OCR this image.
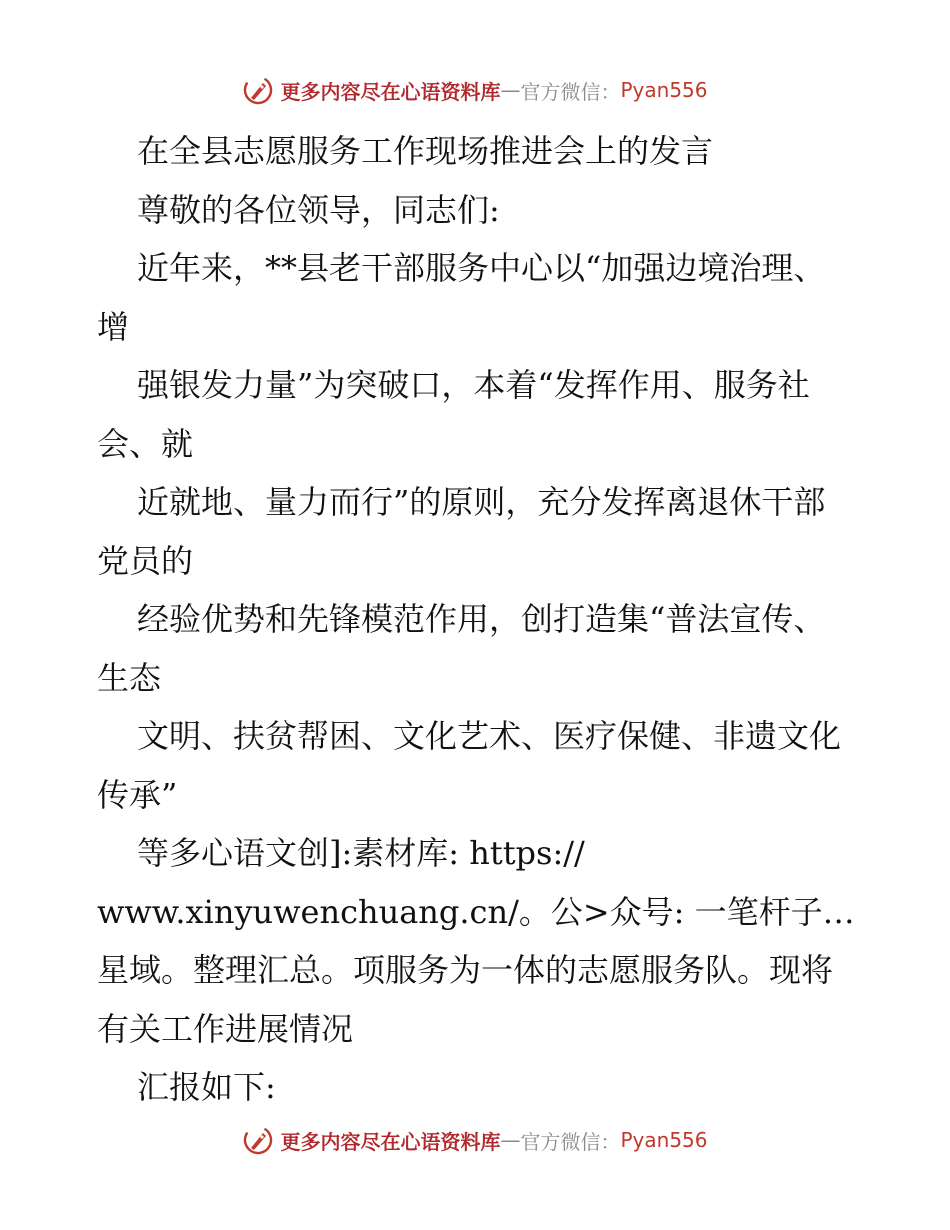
更多内容尽在心语资料库 — 官方微信： Pyan556

在全县志愿服务工作现场推进会上的发言

尊敬的各位领导，同志们:

近年来，**县老干部服务中心以“加强边境治理、增

强银发力量”为突破口，本着“发挥作用、服务社会、就

近就地、量力而行”的原则，充分发挥离退休干部党员的

经验优势和先锋模范作用，创打造集“普法宣传、生态

文明、扶贫帮困、文化艺术、医疗保健、非遗文化传承”

等多心语文创]:素材库: https://

www.xinyuwenchuang.cn/。公>众号: 一笔杆子…星域。整理汇总。项服务为一体的志愿服务队。现将有关工作进展情况

汇报如下:

更多内容尽在心语资料库 — 官方微信： Pyan556
